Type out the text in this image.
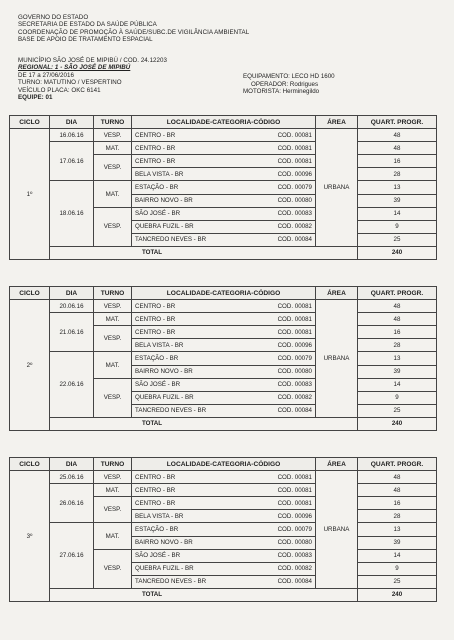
GOVERNO DO ESTADO
SECRETARIA DE ESTADO DA SAÚDE PÚBLICA
COORDENAÇÃO DE PROMOÇÃO À SAÚDE/SUBC.DE VIGILÂNCIA AMBIENTAL
BASE DE APOIO DE TRATAMENTO ESPACIAL
MUNICÍPIO SÃO JOSÉ DE MIPIBÚ / COD. 24.12203
REGIONAL: 1 - SÃO JOSÉ DE MIPIBÚ
DE 17 a 27/06/2016
TURNO: MATUTINO / VESPERTINO
VEÍCULO PLACA: OKC 6141
EQUIPE: 01
EQUIPAMENTO: LECO HD 1600
OPERADOR: Rodrigues
MOTORISTA: Herminegildo
CICLO	DIA	TURNO	LOCALIDADE-CATEGORIA-CÓDIGO		ÁREA	QUART. PROGR.
1º	16.06.16	VESP.	CENTRO - BR	COD. 00081	URBANA	48
	17.06.16	MAT.	CENTRO - BR	COD. 00081		48
		VESP.	CENTRO - BR	COD. 00081		16
			BELA VISTA - BR	COD. 00096		28
	18.06.16	MAT.	ESTAÇÃO - BR	COD. 00079		13
			BAIRRO NOVO - BR	COD. 00080		39
		VESP.	SÃO JOSÉ - BR	COD. 00083		14
			QUEBRA FUZIL - BR	COD. 00082		9
			TANCREDO NEVES - BR	COD. 00084		25
	TOTAL					240
CICLO	DIA	TURNO	LOCALIDADE-CATEGORIA-CÓDIGO		ÁREA	QUART. PROGR.
2º	20.06.16	VESP.	CENTRO - BR	COD. 00081	URBANA	48
	21.06.16	MAT.	CENTRO - BR	COD. 00081		48
		VESP.	CENTRO - BR	COD. 00081		16
			BELA VISTA - BR	COD. 00096		28
	22.06.16	MAT.	ESTAÇÃO - BR	COD. 00079		13
			BAIRRO NOVO - BR	COD. 00080		39
		VESP.	SÃO JOSÉ - BR	COD. 00083		14
			QUEBRA FUZIL - BR	COD. 00082		9
			TANCREDO NEVES - BR	COD. 00084		25
	TOTAL					240
CICLO	DIA	TURNO	LOCALIDADE-CATEGORIA-CÓDIGO		ÁREA	QUART. PROGR.
3º	25.06.16	VESP.	CENTRO - BR	COD. 00081	URBANA	48
	26.06.16	MAT.	CENTRO - BR	COD. 00081		48
		VESP.	CENTRO - BR	COD. 00081		16
			BELA VISTA - BR	COD. 00096		28
	27.06.16	MAT.	ESTAÇÃO - BR	COD. 00079		13
			BAIRRO NOVO - BR	COD. 00080		39
		VESP.	SÃO JOSÉ - BR	COD. 00083		14
			QUEBRA FUZIL - BR	COD. 00082		9
			TANCREDO NEVES - BR	COD. 00084		25
	TOTAL					240
